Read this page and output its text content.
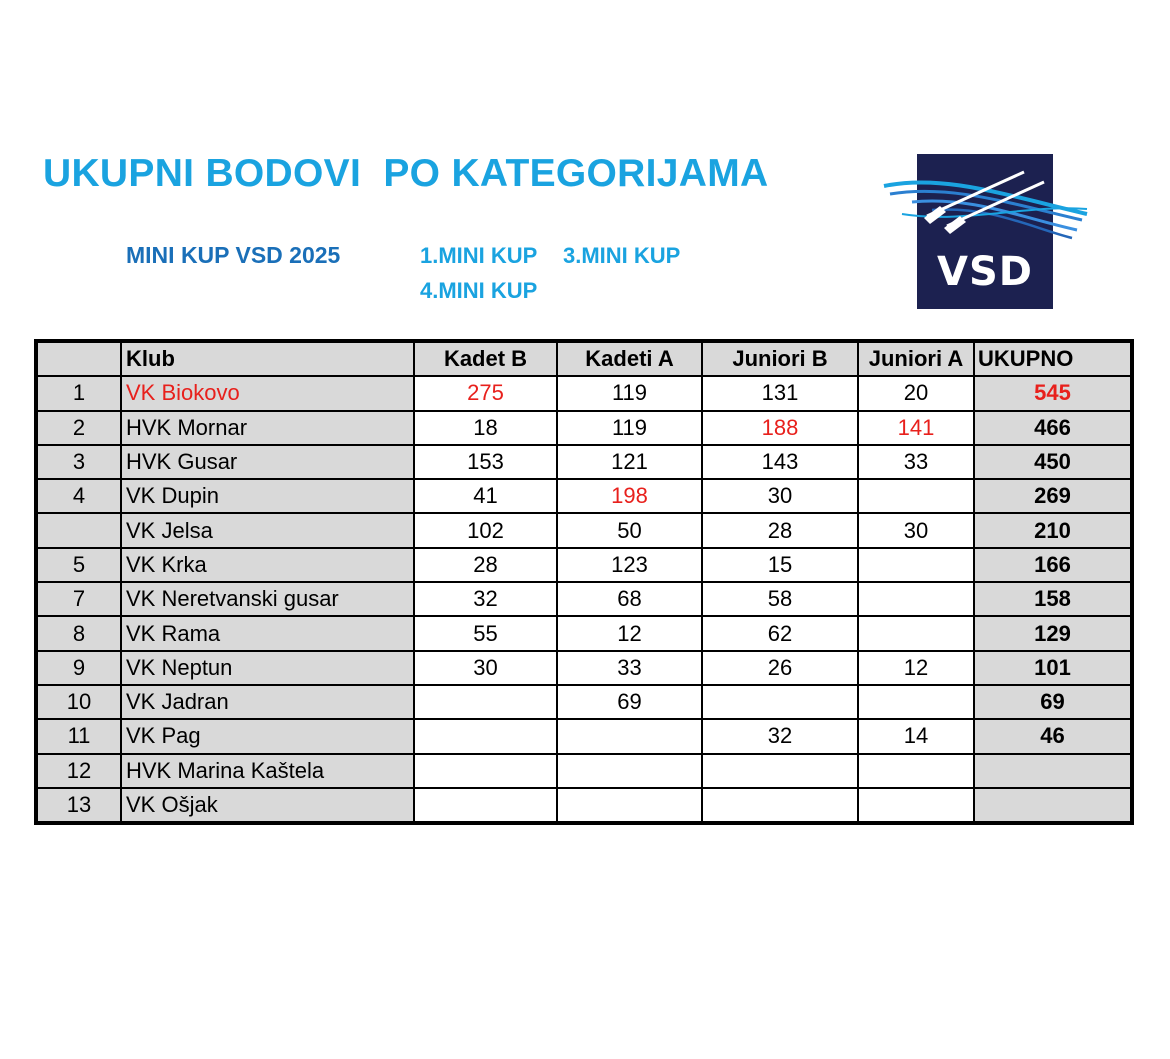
UKUPNI BODOVI  PO KATEGORIJAMA
MINI KUP VSD 2025	1.MINI KUP 3.MINI KUP
4.MINI KUP	VSD
	Klub	Kadet B	Kadeti A	Juniori B	Juniori A	UKUPNO
1	VK Biokovo	275	119	131	20	545
2	HVK Mornar	18	119	188	141	466
3	HVK Gusar	153	121	143	33	450
4	VK Dupin	41	198	30		269
	VK Jelsa	102	50	28	30	210
5	VK Krka	28	123	15		166
7	VK Neretvanski gusar	32	68	58		158
8	VK Rama	55	12	62		129
9	VK Neptun	30	33	26	12	101
10	VK Jadran		69			69
11	VK Pag			32	14	46
12	HVK Marina Kaštela					
13	VK Ošjak					
